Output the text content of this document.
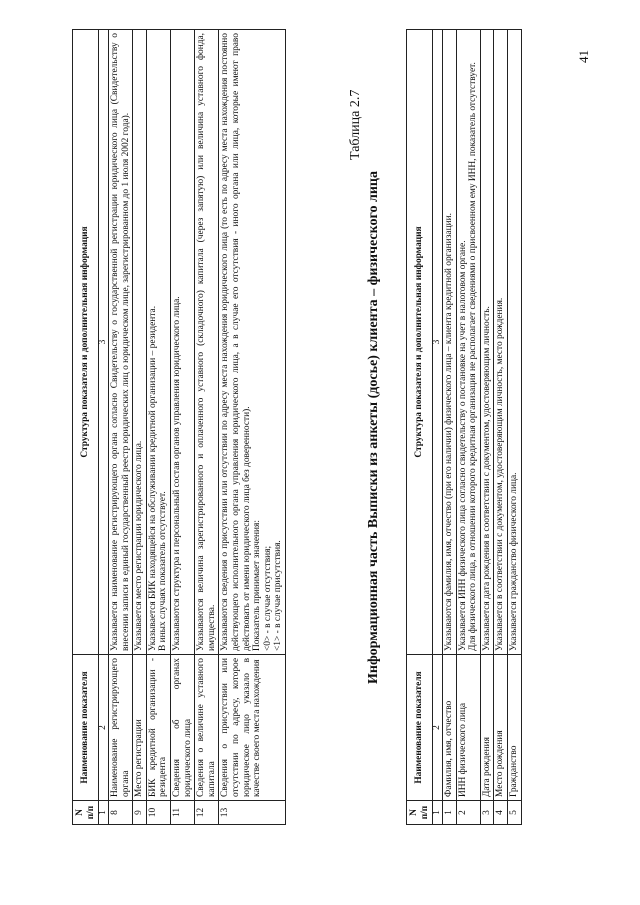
N п/п	Наименование показателя	Структура показателя и дополнительная информация
1	2	3
8	Наименование регистрирующего органа	Указывается наименование регистрирующего органа согласно Свидетельству о государственной регистрации юридического лица (Свидетельству о внесении записи в единый государственный реестр юридических лиц о юридическом лице, зарегистрированном до 1 июля 2002 года).

9	Место регистрации	Указывается место регистрации юридического лица.

10	БИК кредитной организации - резидента	Указывается БИК находящейся на обслуживании кредитной организации – резидента. В иных случаях показатель отсутствует.

11	Сведения об органах юридического лица	Указываются структура и персональный состав органов управления юридического лица.

12	Сведения о величине уставного капитала	Указываются величина зарегистрированного и оплаченного уставного (складочного) капитала (через запятую) или величина уставного фонда, имущества.

13	Сведения о присутствии или отсутствии по адресу, которое юридическое лицо указало в качестве своего места нахождения	Указываются сведения о присутствии или отсутствии по адресу места нахождения юридического лица (то есть по адресу места нахождения постоянно действующего исполнительного органа управления юридического лица, а в случае его отсутствия - иного органа или лица, которые имеют право действовать от имени юридического лица без доверенности). Показатель принимает значения: <0> - в случае отсутствия; <1> - в случае присутствия.
Таблица 2.7
Информационная часть Выписки из анкеты (досье) клиента – физического лица
N п/п	Наименование показателя	Структура показателя и дополнительная информация
1	2	3
1	Фамилия, имя, отчество	Указываются фамилия, имя, отчество (при его наличии) физического лица – клиента кредитной организации.

2	ИНН физического лица	Указывается ИНН физического лица согласно свидетельству о постановке на учет в налоговом органе. Для физического лица, в отношении которого кредитная организация не располагает сведениями о присвоенном ему ИНН, показатель отсутствует.

3	Дата рождения	Указывается дата рождения в соответствии с документом, удостоверяющим личность.

4	Место рождения	Указывается в соответствии с документом, удостоверяющим личность, место рождения.

5	Гражданство	Указывается гражданство физического лица.
41
